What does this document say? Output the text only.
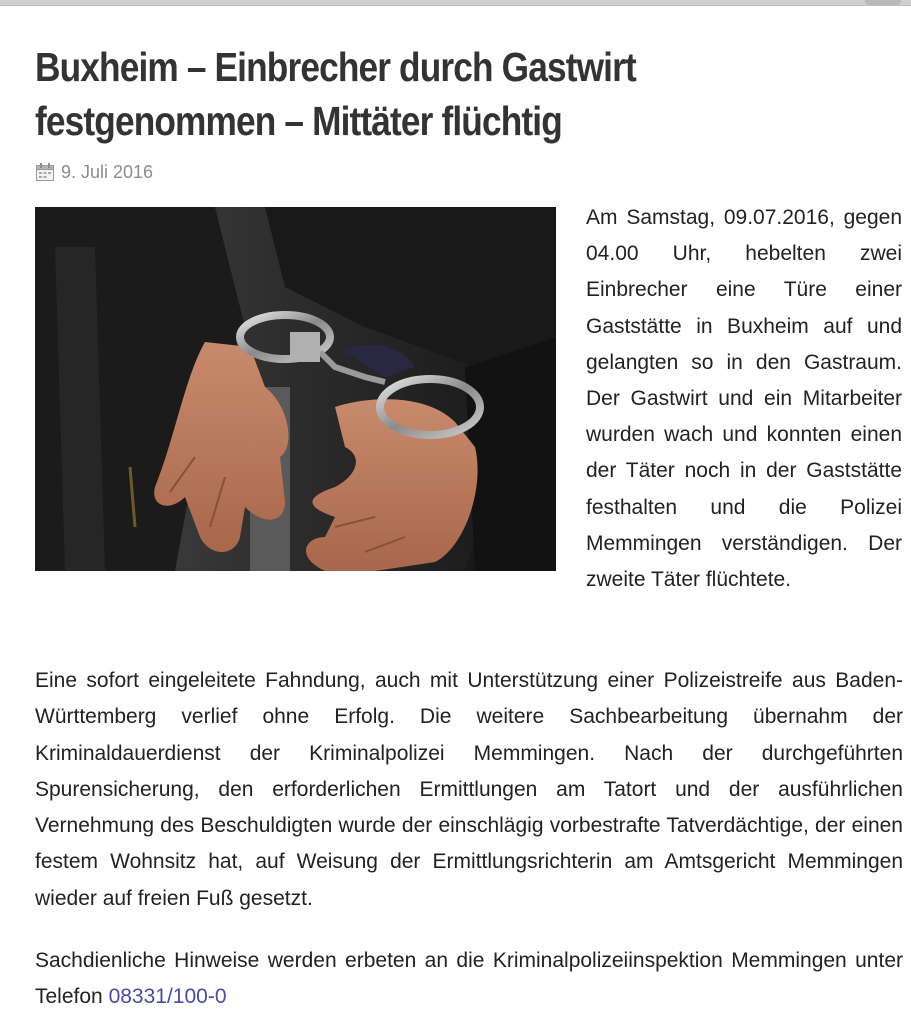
Buxheim – Einbrecher durch Gastwirt festgenommen – Mittäter flüchtig
9. Juli 2016

Am Samstag, 09.07.2016, gegen 04.00 Uhr, hebelten zwei Einbrecher eine Türe einer Gaststätte in Buxheim auf und gelangten so in den Gastraum. Der Gastwirt und ein Mitarbeiter wurden wach und konnten einen der Täter noch in der Gaststätte festhalten und die Polizei Memmingen verständigen. Der zweite Täter flüchtete.

Eine sofort eingeleitete Fahndung, auch mit Unterstützung einer Polizeistreife aus Baden-Württemberg verlief ohne Erfolg. Die weitere Sachbearbeitung übernahm der Kriminaldauerdienst der Kriminalpolizei Memmingen. Nach der durchgeführten Spurensicherung, den erforderlichen Ermittlungen am Tatort und der ausführlichen Vernehmung des Beschuldigten wurde der einschlägig vorbestrafte Tatverdächtige, der einen festem Wohnsitz hat, auf Weisung der Ermittlungsrichterin am Amtsgericht Memmingen wieder auf freien Fuß gesetzt.

Sachdienliche Hinweise werden erbeten an die Kriminalpolizeiinspektion Memmingen unter Telefon 08331/100-0
